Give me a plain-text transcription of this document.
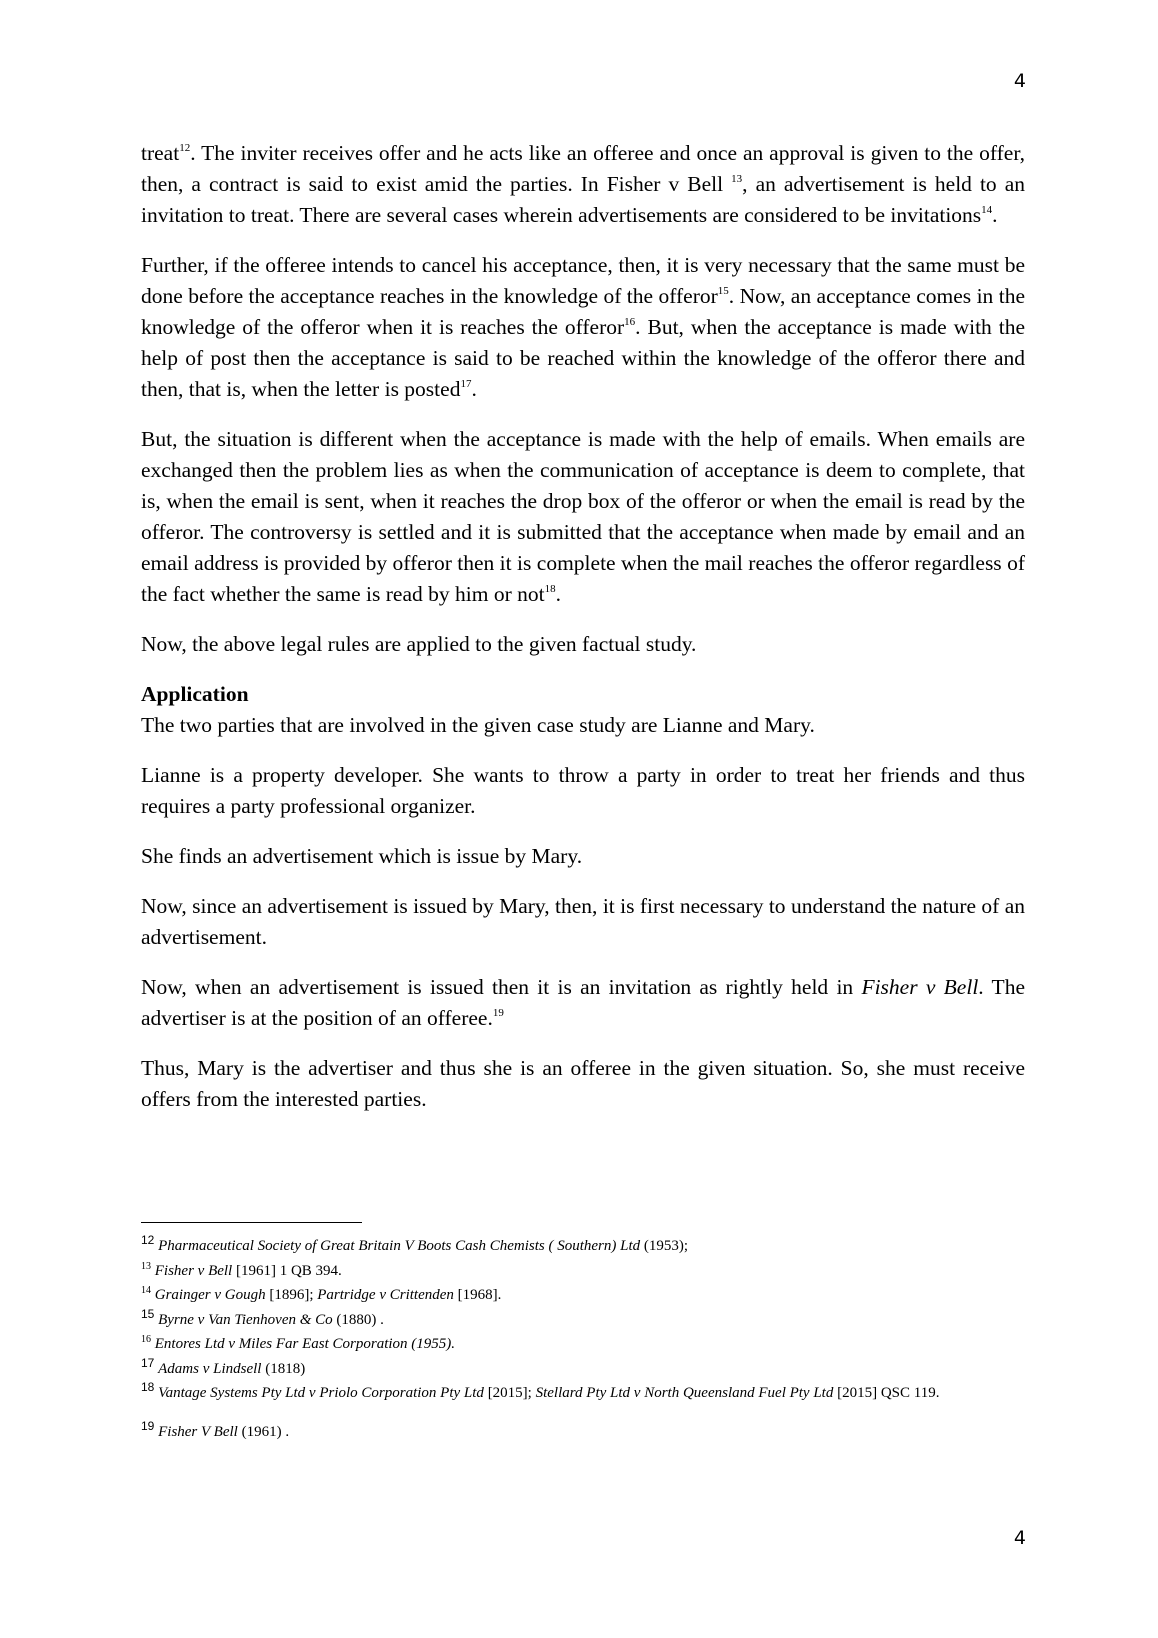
4

treat$^{12}$. The inviter receives offer and he acts like an offeree and once an approval is given to the offer, then, a contract is said to exist amid the parties. In Fisher v Bell $^{13}$, an advertisement is held to an invitation to treat. There are several cases wherein advertisements are considered to be invitations$^{14}$.

Further, if the offeree intends to cancel his acceptance, then, it is very necessary that the same must be done before the acceptance reaches in the knowledge of the offeror$^{15}$. Now, an acceptance comes in the knowledge of the offeror when it is reaches the offeror$^{16}$. But, when the acceptance is made with the help of post then the acceptance is said to be reached within the knowledge of the offeror there and then, that is, when the letter is posted$^{17}$.

But, the situation is different when the acceptance is made with the help of emails. When emails are exchanged then the problem lies as when the communication of acceptance is deem to complete, that is, when the email is sent, when it reaches the drop box of the offeror or when the email is read by the offeror. The controversy is settled and it is submitted that the acceptance when made by email and an email address is provided by offeror then it is complete when the mail reaches the offeror regardless of the fact whether the same is read by him or not$^{18}$.

Now, the above legal rules are applied to the given factual study.

Application

The two parties that are involved in the given case study are Lianne and Mary.

Lianne is a property developer. She wants to throw a party in order to treat her friends and thus requires a party professional organizer.

She finds an advertisement which is issue by Mary.

Now, since an advertisement is issued by Mary, then, it is first necessary to understand the nature of an advertisement.

Now, when an advertisement is issued then it is an invitation as rightly held in Fisher v Bell. The advertiser is at the position of an offeree.$^{19}$

Thus, Mary is the advertiser and thus she is an offeree in the given situation. So, she must receive offers from the interested parties.

$^{12}$ Pharmaceutical Society of Great Britain V Boots Cash Chemists ( Southern) Ltd (1953);
$^{13}$ Fisher v Bell [1961] 1 QB 394.
$^{14}$ Grainger v Gough [1896]; Partridge v Crittenden [1968].
$^{15}$ Byrne v Van Tienhoven & Co (1880) .
$^{16}$ Entores Ltd v Miles Far East Corporation (1955).
$^{17}$ Adams v Lindsell (1818)
$^{18}$ Vantage Systems Pty Ltd v Priolo Corporation Pty Ltd [2015]; Stellard Pty Ltd v North Queensland Fuel Pty Ltd [2015] QSC 119.
$^{19}$ Fisher V Bell (1961) .
4
